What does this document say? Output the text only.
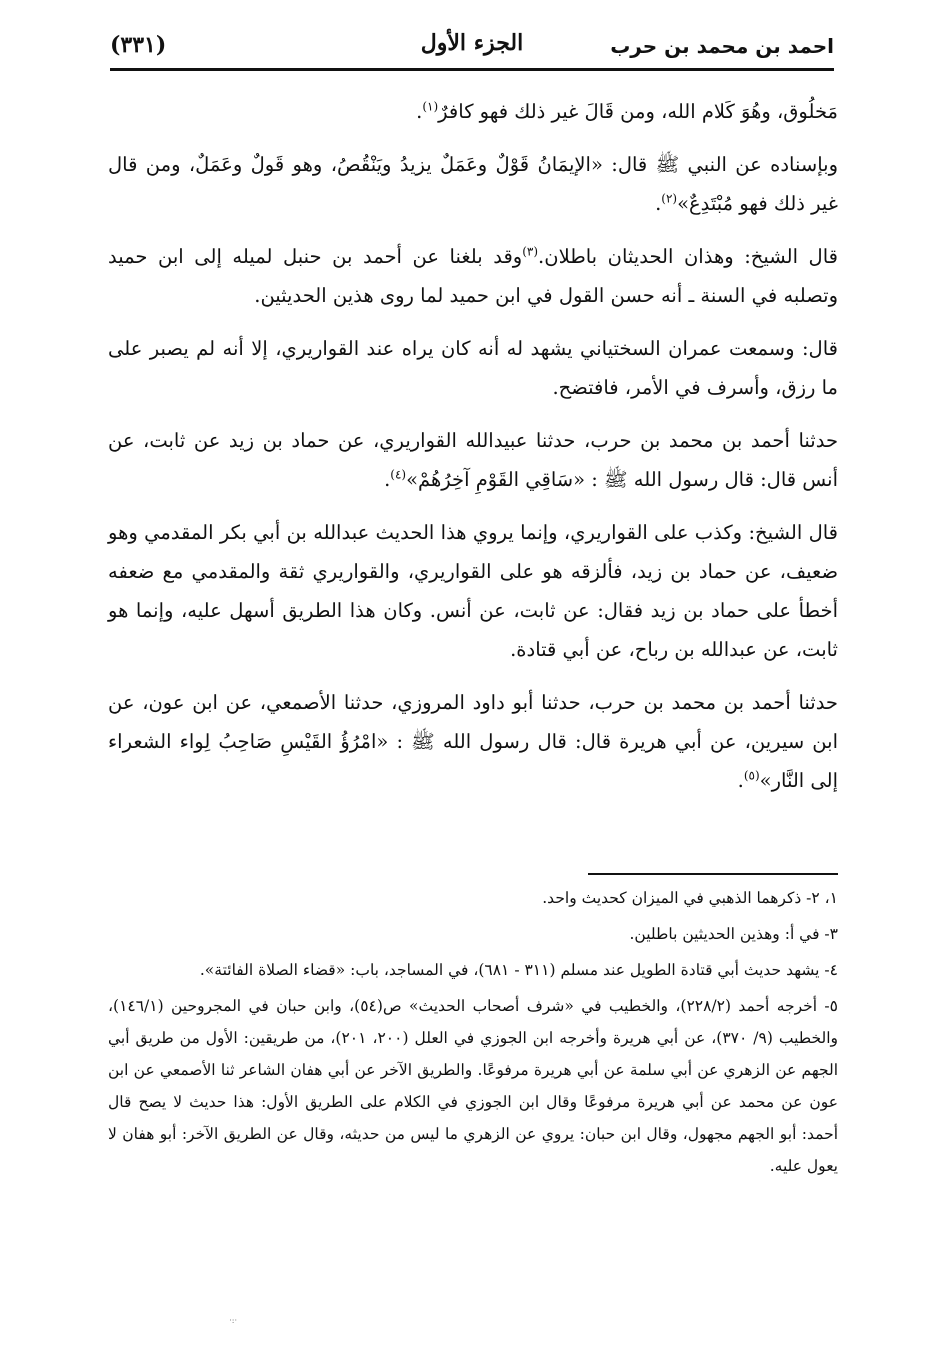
احمد بن محمد بن حرب
الجزء الأول
(٣٣١)

مَخلُوق، وهُوَ كَلام الله، ومن قَالَ غير ذلك فهو كافرٌ$^{(١)}$.

وبإسناده عن النبي ﷺ قال: «الإيمَانُ قَوْلٌ وعَمَلٌ يزيدُ ويَنْقُصُ، وهو قَولٌ وعَمَلٌ، ومن قال غير ذلك فهو مُبْتَدِعٌ»$^{(٢)}$.

قال الشيخ: وهذان الحديثان باطلان.$^{(٣)}$وقد بلغنا عن أحمد بن حنبل لميله إلى ابن حميد وتصلبه في السنة ـ أنه حسن القول في ابن حميد لما روى هذين الحديثين.

قال: وسمعت عمران السختياني يشهد له أنه كان يراه عند القواريري، إلا أنه لم يصبر على ما رزق، وأسرف في الأمر، فافتضح.

حدثنا أحمد بن محمد بن حرب، حدثنا عبيدالله القواريري، عن حماد بن زيد عن ثابت، عن أنس قال: قال رسول الله ﷺ : «سَاقِي القَوْمِ آخِرُهُمْ»$^{(٤)}$.

قال الشيخ: وكذب على القواريري، وإنما يروي هذا الحديث عبدالله بن أبي بكر المقدمي وهو ضعيف، عن حماد بن زيد، فألزقه هو على القواريري، والقواريري ثقة والمقدمي مع ضعفه أخطأ على حماد بن زيد فقال: عن ثابت، عن أنس. وكان هذا الطريق أسهل عليه، وإنما هو ثابت، عن عبدالله بن رباح، عن أبي قتادة.

حدثنا أحمد بن محمد بن حرب، حدثنا أبو داود المروزي، حدثنا الأصمعي، عن ابن عون، عن ابن سيرين، عن أبي هريرة قال: قال رسول الله ﷺ : «امْرُؤُ القَيْسِ صَاحِبُ لِواء الشعراء إلى النَّار»$^{(٥)}$.

١، ٢- ذكرهما الذهبي في الميزان كحديث واحد.

٣- في أ: وهذين الحديثين باطلين.

٤- يشهد حديث أبي قتادة الطويل عند مسلم (٣١١ - ٦٨١)، في المساجد، باب: «قضاء الصلاة الفائتة».

٥- أخرجه أحمد (٢٢٨/٢)، والخطيب في «شرف أصحاب الحديث» ص(٥٤)، وابن حبان في المجروحين (١٤٦/١)، والخطيب (٩/ ٣٧٠)، عن أبي هريرة وأخرجه ابن الجوزي في العلل (٢٠٠، ٢٠١)، من طريقين: الأول من طريق أبي الجهم عن الزهري عن أبي سلمة عن أبي هريرة مرفوعًا. والطريق الآخر عن أبي هفان الشاعر ثنا الأصمعي عن ابن عون عن محمد عن أبي هريرة مرفوعًا وقال ابن الجوزي في الكلام على الطريق الأول: هذا حديث لا يصح قال أحمد: أبو الجهم مجهول، وقال ابن حبان: يروي عن الزهري ما ليس من حديثه، وقال عن الطريق الآخر: أبو هفان لا يعول عليه.

·:·
